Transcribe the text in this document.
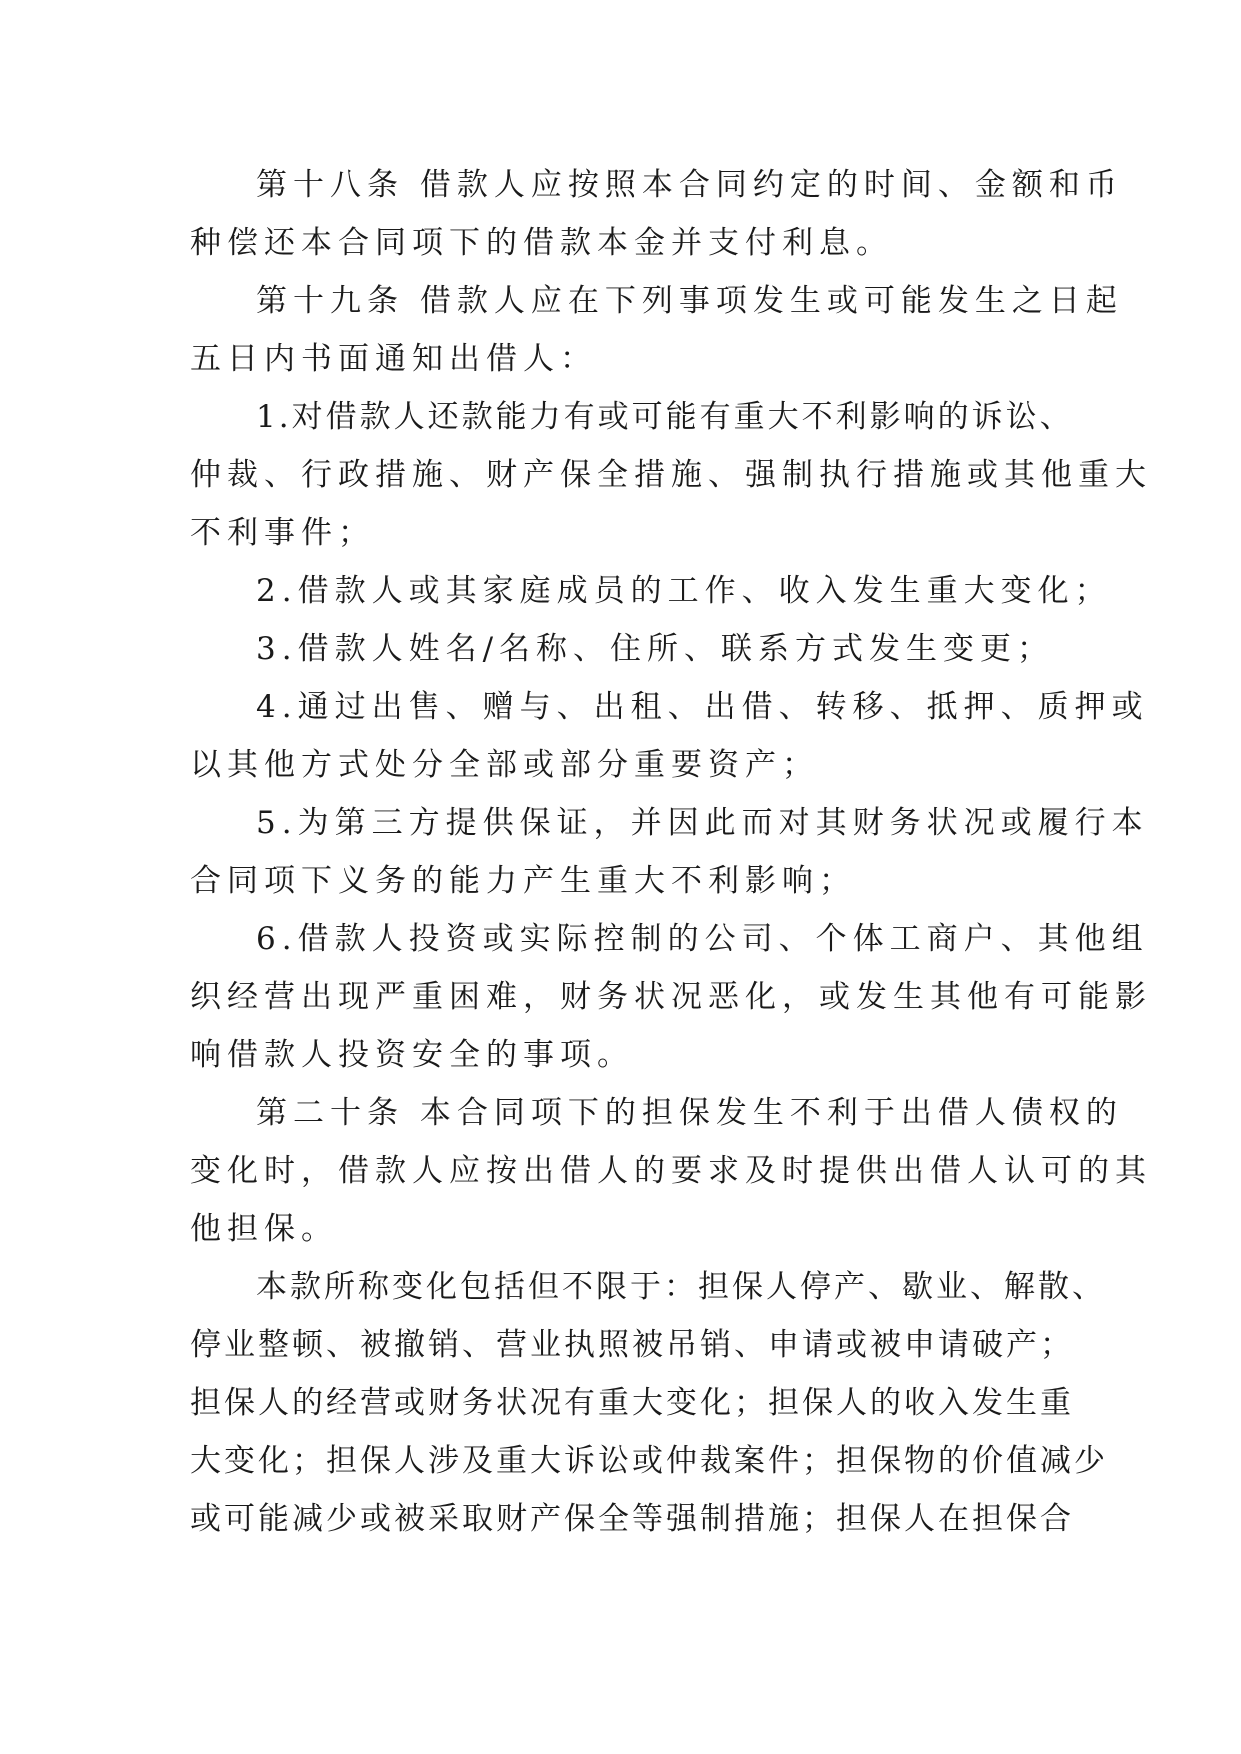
第十八条 借款人应按照本合同约定的时间、金额和币
种偿还本合同项下的借款本金并支付利息。
第十九条 借款人应在下列事项发生或可能发生之日起
五日内书面通知出借人：
1.对借款人还款能力有或可能有重大不利影响的诉讼、
仲裁、行政措施、财产保全措施、强制执行措施或其他重大
不利事件；
2.借款人或其家庭成员的工作、收入发生重大变化；
3.借款人姓名/名称、住所、联系方式发生变更；
4.通过出售、赠与、出租、出借、转移、抵押、质押或
以其他方式处分全部或部分重要资产；
5.为第三方提供保证，并因此而对其财务状况或履行本
合同项下义务的能力产生重大不利影响；
6.借款人投资或实际控制的公司、个体工商户、其他组
织经营出现严重困难，财务状况恶化，或发生其他有可能影
响借款人投资安全的事项。
第二十条 本合同项下的担保发生不利于出借人债权的
变化时，借款人应按出借人的要求及时提供出借人认可的其
他担保。
本款所称变化包括但不限于：担保人停产、歇业、解散、
停业整顿、被撤销、营业执照被吊销、申请或被申请破产；
担保人的经营或财务状况有重大变化；担保人的收入发生重
大变化；担保人涉及重大诉讼或仲裁案件；担保物的价值减少
或可能减少或被采取财产保全等强制措施；担保人在担保合
